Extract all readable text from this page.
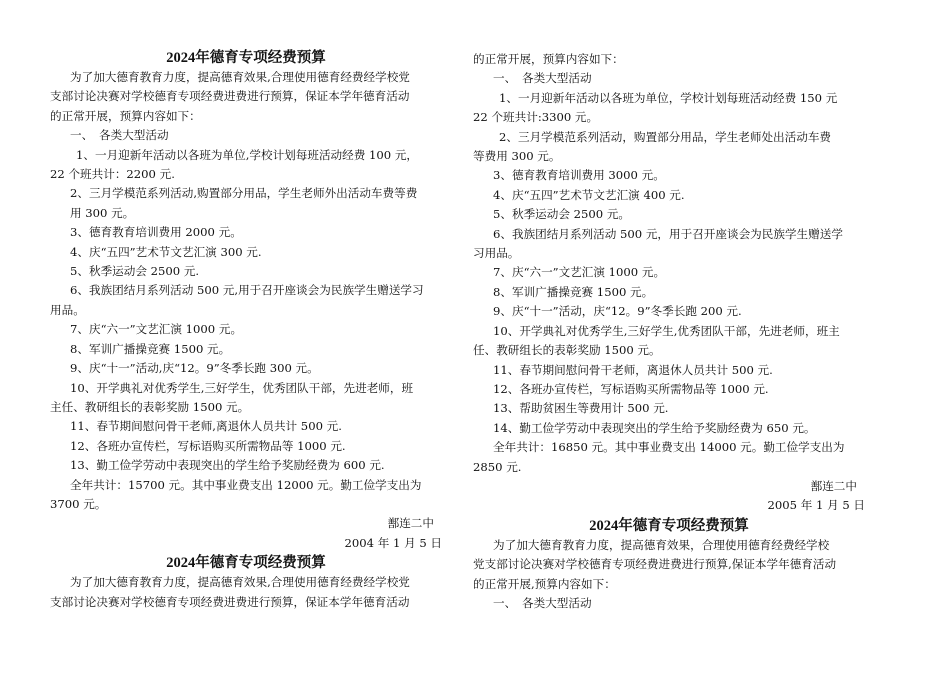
2024年德育专项经费预算

为了加大德育教育力度，提高德育效果,合理使用德育经费经学校党

支部讨论决赛对学校德育专项经费进费进行预算，保证本学年德育活动

的正常开展，预算内容如下：

一、　各类大型活动

1、一月迎新年活动以各班为单位,学校计划每班活动经费 100 元，

22 个班共计：2200 元.

2、三月学模范系列活动,购置部分用品，学生老师外出活动车费等费

用 300 元。

3、德育教育培训费用 2000 元。

4、庆“五四”艺术节文艺汇演 300 元.

5、秋季运动会 2500 元.

6、我族团结月系列活动 500 元,用于召开座谈会为民族学生赠送学习

用品。

7、庆“六一”文艺汇演 1000 元。

8、军训广播操竞赛 1500 元。

9、庆“十一”活动,庆“12。9”冬季长跑 300 元。

10、开学典礼对优秀学生,三好学生，优秀团队干部，先进老师，班

主任、教研组长的表彰奖励 1500 元。

11、春节期间慰问骨干老师,离退休人员共计 500 元.

12、各班办宣传栏，写标语购买所需物品等 1000 元.

13、勤工俭学劳动中表现突出的学生给予奖励经费为 600 元.

全年共计：15700 元。其中事业费支出 12000 元。勤工俭学支出为

3700 元。

鄯连二中

2004 年 1 月 5 日

2024年德育专项经费预算

为了加大德育教育力度，提高德育效果,合理使用德育经费经学校党

支部讨论决赛对学校德育专项经费进费进行预算，保证本学年德育活动

的正常开展，预算内容如下：

一、　各类大型活动

1、一月迎新年活动以各班为单位，学校计划每班活动经费 150 元

22 个班共计:3300 元。

2、三月学模范系列活动，购置部分用品，学生老师处出活动车费

等费用 300 元。

3、德育教育培训费用 3000 元。

4、庆“五四”艺术节文艺汇演 400 元.

5、秋季运动会 2500 元。

6、我族团结月系列活动 500 元，用于召开座谈会为民族学生赠送学

习用品。

7、庆“六一”文艺汇演 1000 元。

8、军训广播操竞赛 1500 元。

9、庆“十一”活动，庆“12。9”冬季长跑 200 元.

10、开学典礼对优秀学生,三好学生,优秀团队干部，先进老师，班主

任、教研组长的表彰奖励 1500 元。

11、春节期间慰问骨干老师，离退休人员共计 500 元.

12、各班办宣传栏，写标语购买所需物品等 1000 元.

13、帮助贫困生等费用计 500 元.

14、勤工俭学劳动中表现突出的学生给予奖励经费为 650 元。

全年共计：16850 元。其中事业费支出 14000 元。勤工俭学支出为

2850 元.

鄯连二中

2005 年 1 月 5 日

2024年德育专项经费预算

为了加大德育教育力度，提高德育效果，合理使用德育经费经学校

党支部讨论决赛对学校德育专项经费进费进行预算,保证本学年德育活动

的正常开展,预算内容如下：

一、　各类大型活动
